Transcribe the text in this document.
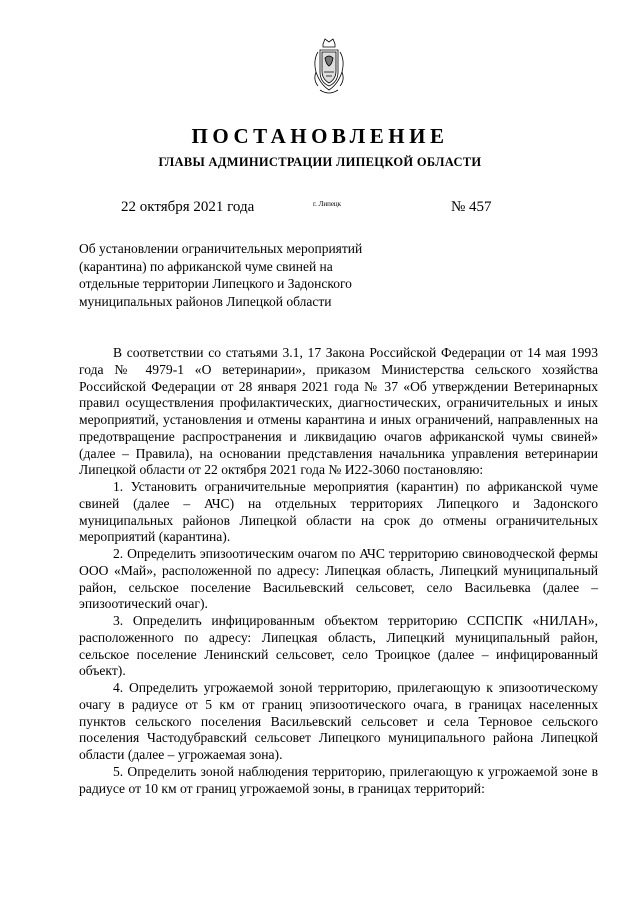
ПОСТАНОВЛЕНИЕ
ГЛАВЫ АДМИНИСТРАЦИИ ЛИПЕЦКОЙ ОБЛАСТИ
22 октября 2021 года	г. Липецк	№ 457
Об установлении ограничительных мероприятий (карантина) по африканской чуме свиней на отдельные территории Липецкого и Задонского муниципальных районов Липецкой области

В соответствии со статьями 3.1, 17 Закона Российской Федерации от 14 мая 1993 года № 4979-1 «О ветеринарии», приказом Министерства сельского хозяйства Российской Федерации от 28 января 2021 года № 37 «Об утверждении Ветеринарных правил осуществления профилактических, диагностических, ограничительных и иных мероприятий, установления и отмены карантина и иных ограничений, направленных на предотвращение распространения и ликвидацию очагов африканской чумы свиней» (далее – Правила), на основании представления начальника управления ветеринарии Липецкой области от 22 октября 2021 года № И22-3060 постановляю:

1. Установить ограничительные мероприятия (карантин) по африканской чуме свиней (далее – АЧС) на отдельных территориях Липецкого и Задонского муниципальных районов Липецкой области на срок до отмены ограничительных мероприятий (карантина).

2. Определить эпизоотическим очагом по АЧС территорию свиноводческой фермы ООО «Май», расположенной по адресу: Липецкая область, Липецкий муниципальный район, сельское поселение Васильевский сельсовет, село Васильевка (далее – эпизоотический очаг).

3. Определить инфицированным объектом территорию ССПСПК «НИЛАН», расположенного по адресу: Липецкая область, Липецкий муниципальный район, сельское поселение Ленинский сельсовет, село Троицкое (далее – инфицированный объект).

4. Определить угрожаемой зоной территорию, прилегающую к эпизоотическому очагу в радиусе от 5 км от границ эпизоотического очага, в границах населенных пунктов сельского поселения Васильевский сельсовет и села Терновое сельского поселения Частодубравский сельсовет Липецкого муниципального района Липецкой области (далее – угрожаемая зона).

5. Определить зоной наблюдения территорию, прилегающую к угрожаемой зоне в радиусе от 10 км от границ угрожаемой зоны, в границах территорий:
